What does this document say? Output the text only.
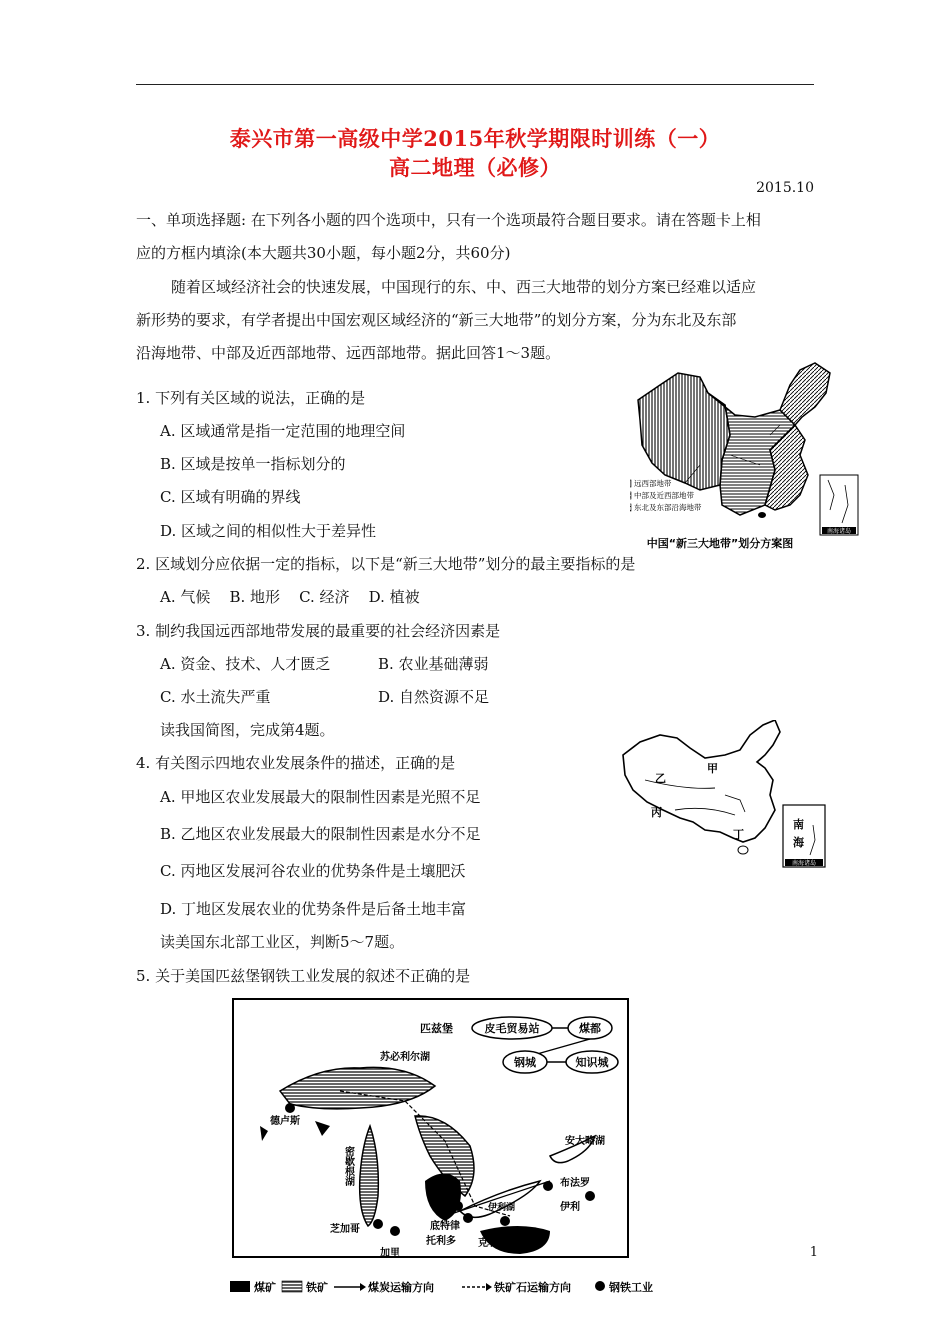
泰兴市第一高级中学2015年秋学期限时训练（一）
高二地理（必修）
2015.10
一、单项选择题: 在下列各小题的四个选项中，只有一个选项最符合题目要求。请在答题卡上相
应的方框内填涂(本大题共30小题，每小题2分，共60分)
随着区域经济社会的快速发展，中国现行的东、中、西三大地带的划分方案已经难以适应
新形势的要求，有学者提出中国宏观区域经济的“新三大地带”的划分方案，分为东北及东部
沿海地带、中部及近西部地带、远西部地带。据此回答1～3题。
1. 下列有关区域的说法，正确的是
A. 区域通常是指一定范围的地理空间
B. 区域是按单一指标划分的
C. 区域有明确的界线
D. 区域之间的相似性大于差异性
2. 区域划分应依据一定的指标，以下是“新三大地带”划分的最主要指标的是
A. 气候    B. 地形    C. 经济    D. 植被
3. 制约我国远西部地带发展的最重要的社会经济因素是
A. 资金、技术、人才匮乏	B. 农业基础薄弱
C. 水土流失严重	D. 自然资源不足
读我国简图，完成第4题。
4. 有关图示四地农业发展条件的描述，正确的是
A. 甲地区农业发展最大的限制性因素是光照不足
B. 乙地区农业发展最大的限制性因素是水分不足
C. 丙地区发展河谷农业的优势条件是土壤肥沃
D. 丁地区发展农业的优势条件是后备土地丰富
读美国东北部工业区，判断5～7题。
5. 关于美国匹兹堡钢铁工业发展的叙述不正确的是
远西部地带
中部及近西部地带
东北及东部沿海地带
南海诸岛
中国“新三大地带”划分方案图
甲
乙
丙
丁
南
海
南海诸岛
匹兹堡	皮毛贸易站	煤都
钢城	知识城
苏必利尔湖
德卢斯
密歇根湖
芝加哥
加里
底特律
托利多
伊利湖
安大略湖
布法罗
伊利
克利夫兰
匹兹堡
煤矿	铁矿	煤炭运输方向	铁矿石运输方向	钢铁工业
1
